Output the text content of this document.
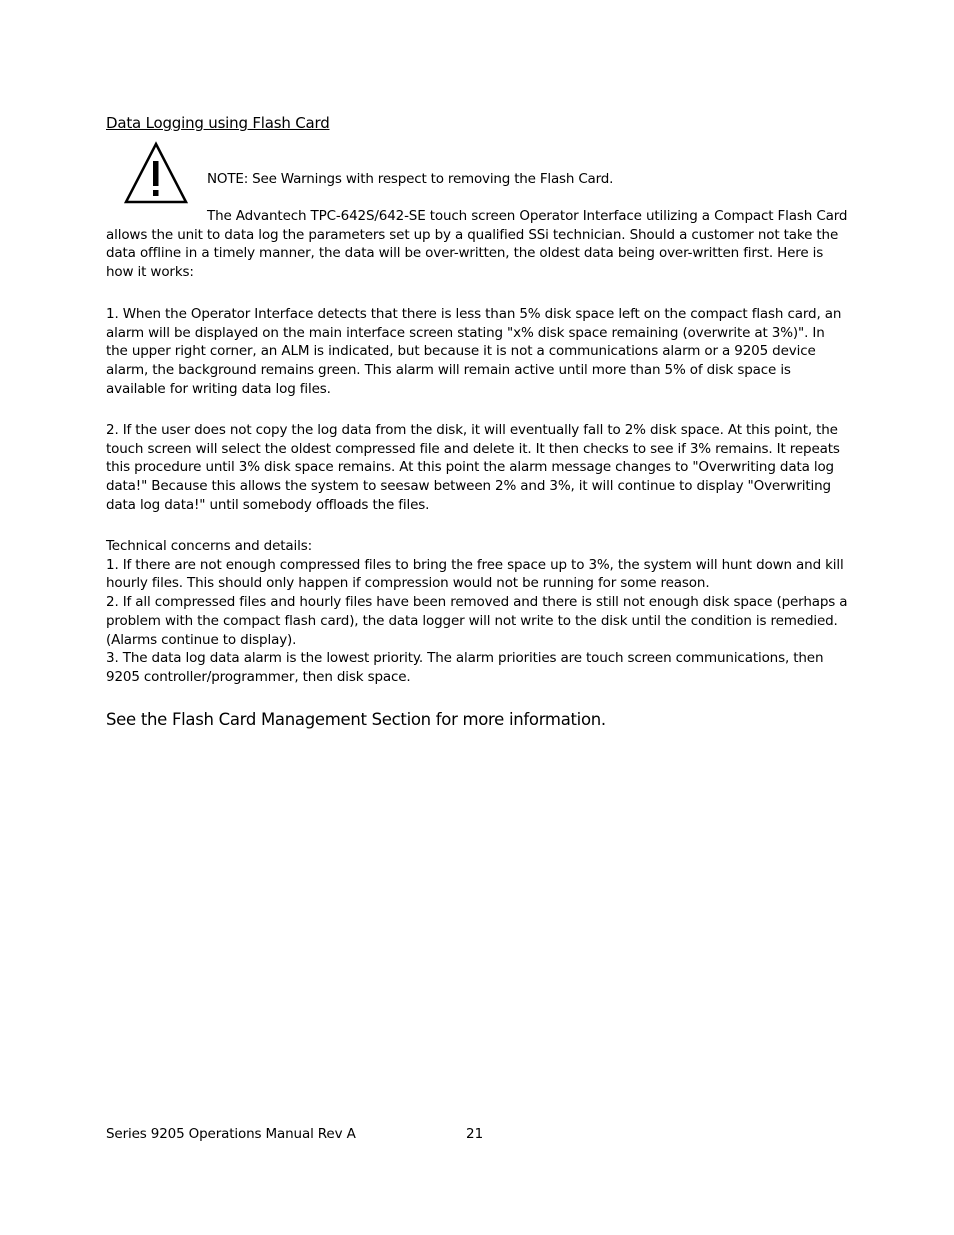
Data Logging using Flash Card

NOTE: See Warnings with respect to removing the Flash Card.

The Advantech TPC-642S/642-SE touch screen Operator Interface utilizing a Compact Flash Card allows the unit to data log the parameters set up by a qualified SSi technician. Should a customer not take the data offline in a timely manner, the data will be over-written, the oldest data being over-written first. Here is how it works:

1. When the Operator Interface detects that there is less than 5% disk space left on the compact flash card, an alarm will be displayed on the main interface screen stating "x% disk space remaining (overwrite at 3%)". In the upper right corner, an ALM is indicated, but because it is not a communications alarm or a 9205 device alarm, the background remains green. This alarm will remain active until more than 5% of disk space is available for writing data log files.

2. If the user does not copy the log data from the disk, it will eventually fall to 2% disk space. At this point, the touch screen will select the oldest compressed file and delete it. It then checks to see if 3% remains. It repeats this procedure until 3% disk space remains. At this point the alarm message changes to "Overwriting data log data!" Because this allows the system to seesaw between 2% and 3%, it will continue to display "Overwriting data log data!" until somebody offloads the files.

Technical concerns and details:
1. If there are not enough compressed files to bring the free space up to 3%, the system will hunt down and kill hourly files. This should only happen if compression would not be running for some reason.
2. If all compressed files and hourly files have been removed and there is still not enough disk space (perhaps a problem with the compact flash card), the data logger will not write to the disk until the condition is remedied. (Alarms continue to display).
3. The data log data alarm is the lowest priority. The alarm priorities are touch screen communications, then 9205 controller/programmer, then disk space.

See the Flash Card Management Section for more information.

Series 9205 Operations Manual Rev A	21
